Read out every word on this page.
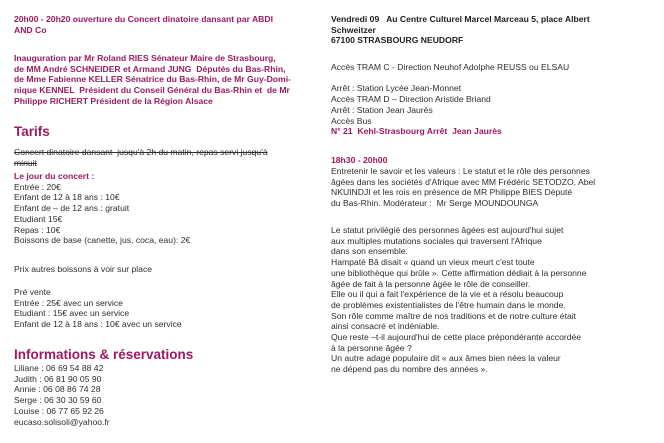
20h00 - 20h20 ouverture du Concert dinatoire dansant par ABDI
AND Co
Inauguration par Mr Roland RIES Sénateur Maire de Strasbourg,
de MM André SCHNEIDER et Armand JUNG  Députés du Bas-Rhin,
de Mme Fabienne KELLER Sénatrice du Bas-Rhin, de Mr Guy-Domi-
nique KENNEL  Président du Conseil Général du Bas-Rhin et  de Mr
Philippe RICHERT Président de la Région Alsace
Tarifs
Concert dinatoire dansant  jusqu'à 2h du matin, repas servi jusqu'à
minuit
Le jour du concert :
Entrée : 20€
Enfant de 12 à 18 ans : 10€
Enfant de – de 12 ans : gratuit
Etudiant 15€
Repas : 10€
Boissons de base (canette, jus, coca, eau): 2€
Prix autres boissons à voir sur place
Pré vente
Entrée : 25€ avec un service
Etudiant : 15€ avec un service
Enfant de 12 à 18 ans : 10€ avec un service
Informations & réservations
Liliane : 06 69 54 88 42
Judith : 06 81 90 05 90
Annie : 06 08 86 74 28
Serge : 06 30 30 59 60
Louise : 06 77 65 92 26
eucaso.solisoli@yahoo.fr
Vendredi 09   Au Centre Culturel Marcel Marceau 5, place Albert
Schweitzer
67100 STRASBOURG NEUDORF
Accès TRAM C - Direction Neuhof Adolphe REUSS ou ELSAU
Arrêt : Station Lycée Jean-Monnet
Accès TRAM D – Direction Aristide Briand
Arrêt : Station Jean Jaurès
Accès Bus
N° 21  Kehl-Strasbourg Arrêt  Jean Jaurès
18h30 - 20h00
Entretenir le savoir et les valeurs : Le statut et le rôle des personnes
âgées dans les sociétés d'Afrique avec MM Frédéric SETODZO, Abel
NKUINDJI et les rois en présence de MR Philippe BIES Député
du Bas-Rhin. Modérateur :  Mr Serge MOUNDOUNGA
Le statut privilégié des personnes âgées est aujourd'hui sujet
aux multiples mutations sociales qui traversent l'Afrique
dans son ensemble.
Hampaté Bâ disait « quand un vieux meurt c'est toute
une bibliothèque qui brûle ». Cette affirmation dédiait à la personne
âgée de fait à la personne âgée le rôle de conseiller.
Elle ou il qui a fait l'expérience de la vie et a résolu beaucoup
de problèmes existentialistes de l'être humain dans le monde.
Son rôle comme maître de nos traditions et de notre culture était
ainsi consacré et indéniable.
Que reste –t-il aujourd'hui de cette place prépondérante accordée
à la personne âgée ?
Un autre adage populaire dit « aux âmes bien nées la valeur
ne dépend pas du nombre des années ».
